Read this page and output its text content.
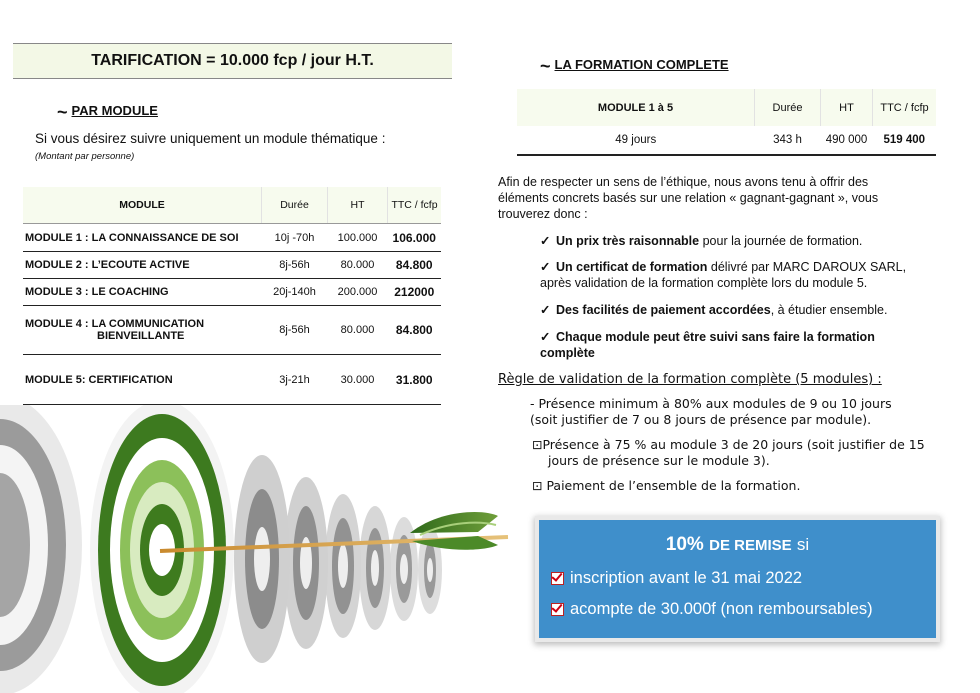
TARIFICATION = 10.000 fcp / jour H.T.
~ PAR MODULE
Si vous désirez suivre uniquement un module thématique :
(Montant par personne)
MODULE	Durée	HT	TTC / fcfp
MODULE 1 : LA CONNAISSANCE DE SOI	10j -70h	100.000	106.000
MODULE 2 : L’ECOUTE ACTIVE	8j-56h	80.000	84.800
MODULE 3 : LE COACHING	20j-140h	200.000	212000
MODULE 4 : LA COMMUNICATION
BIENVEILLANTE	8j-56h	80.000	84.800
MODULE 5: CERTIFICATION	3j-21h	30.000	31.800
~ LA FORMATION COMPLETE
MODULE 1 à 5	Durée	HT	TTC / fcfp
49 jours	343 h	490 000	519 400
Afin de respecter un sens de l’éthique, nous avons tenu à offrir des éléments concrets basés sur une relation « gagnant-gagnant », vous trouverez donc :
✓ Un prix très raisonnable pour la journée de formation.
✓ Un certificat de formation délivré par MARC DAROUX SARL, après validation de la formation complète lors du module 5.
✓ Des facilités de paiement accordées, à étudier ensemble.
✓ Chaque module peut être suivi sans faire la formation complète
Règle de validation de la formation complète (5 modules) :
- Présence minimum à 80% aux modules de 9 ou 10 jours (soit justifier de 7 ou 8 jours de présence par module).
⊡Présence à 75 % au module 3 de 20 jours (soit justifier de 15 jours de présence sur le module 3).
⊡ Paiement de l’ensemble de la formation.
10% DE REMISE si
inscription avant le 31 mai 2022
acompte de 30.000f (non remboursables)
